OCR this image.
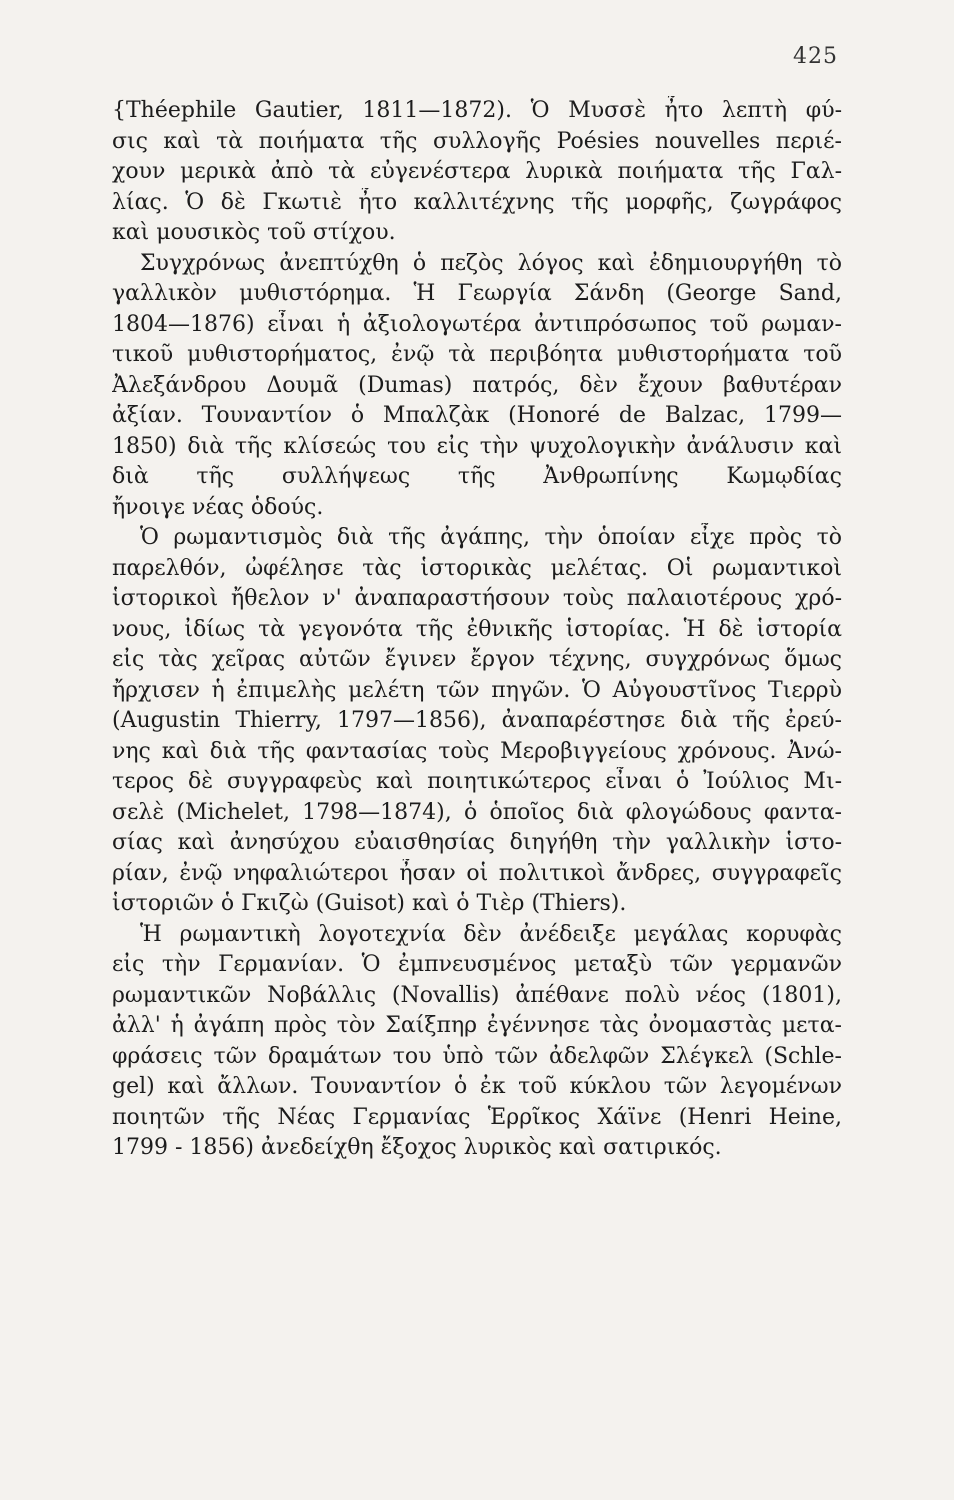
425
{Théephile Gautier, 1811—1872). Ὁ Μυσσὲ ἦτο λεπτὴ φύ-
σις καὶ τὰ ποιήματα τῆς συλλογῆς Poésies nouvelles περιέ-
χουν μερικὰ ἀπὸ τὰ εὐγενέστερα λυρικὰ ποιήματα τῆς Γαλ-
λίας. Ὁ δὲ Γκωτιὲ ἦτο καλλιτέχνης τῆς μορφῆς, ζωγράφος
καὶ μουσικὸς τοῦ στίχου.
Συγχρόνως ἀνεπτύχθη ὁ πεζὸς λόγος καὶ ἐδημιουργήθη τὸ
γαλλικὸν μυθιστόρημα. Ἡ Γεωργία Σάνδη (George Sand,
1804—1876) εἶναι ἡ ἀξιολογωτέρα ἀντιπρόσωπος τοῦ ρωμαν-
τικοῦ μυθιστορήματος, ἐνῷ τὰ περιβόητα μυθιστορήματα τοῦ
Ἀλεξάνδρου Δουμᾶ (Dumas) πατρός, δὲν ἔχουν βαθυτέραν
ἀξίαν. Τουναντίον ὁ Μπαλζὰκ (Honoré de Balzac, 1799—
1850) διὰ τῆς κλίσεώς του εἰς τὴν ψυχολογικὴν ἀνάλυσιν καὶ
διὰ τῆς συλλήψεως τῆς Ἀνθρωπίνης Κωμῳδίας
ἤνοιγε νέας ὁδούς.
Ὁ ρωμαντισμὸς διὰ τῆς ἀγάπης, τὴν ὁποίαν εἶχε πρὸς τὸ
παρελθόν, ὠφέλησε τὰς ἱστορικὰς μελέτας. Οἱ ρωμαντικοὶ
ἱστορικοὶ ἤθελον ν' ἀναπαραστήσουν τοὺς παλαιοτέρους χρό-
νους, ἰδίως τὰ γεγονότα τῆς ἐθνικῆς ἱστορίας. Ἡ δὲ ἱστορία
εἰς τὰς χεῖρας αὐτῶν ἔγινεν ἔργον τέχνης, συγχρόνως ὅμως
ἤρχισεν ἡ ἐπιμελὴς μελέτη τῶν πηγῶν. Ὁ Αὐγουστῖνος Τιερρὺ
(Augustin Thierry, 1797—1856), ἀναπαρέστησε διὰ τῆς ἐρεύ-
νης καὶ διὰ τῆς φαντασίας τοὺς Μεροβιγγείους χρόνους. Ἀνώ-
τερος δὲ συγγραφεὺς καὶ ποιητικώτερος εἶναι ὁ Ἰούλιος Μι-
σελὲ (Michelet, 1798—1874), ὁ ὁποῖος διὰ φλογώδους φαντα-
σίας καὶ ἀνησύχου εὐαισθησίας διηγήθη τὴν γαλλικὴν ἱστο-
ρίαν, ἐνῷ νηφαλιώτεροι ἦσαν οἱ πολιτικοὶ ἄνδρες, συγγραφεῖς
ἱστοριῶν ὁ Γκιζὼ (Guisot) καὶ ὁ Τιὲρ (Thiers).
Ἡ ρωμαντικὴ λογοτεχνία δὲν ἀνέδειξε μεγάλας κορυφὰς
εἰς τὴν Γερμανίαν. Ὁ ἐμπνευσμένος μεταξὺ τῶν γερμανῶν
ρωμαντικῶν Νοβάλλις (Novallis) ἀπέθανε πολὺ νέος (1801),
ἀλλ' ἡ ἀγάπη πρὸς τὸν Σαίξπηρ ἐγέννησε τὰς ὀνομαστὰς μετα-
φράσεις τῶν δραμάτων του ὑπὸ τῶν ἀδελφῶν Σλέγκελ (Schle-
gel) καὶ ἄλλων. Τουναντίον ὁ ἐκ τοῦ κύκλου τῶν λεγομένων
ποιητῶν τῆς Νέας Γερμανίας Ἑρρῖκος Χάϊνε (Henri Heine,
1799 - 1856) ἀνεδείχθη ἔξοχος λυρικὸς καὶ σατιρικός.
